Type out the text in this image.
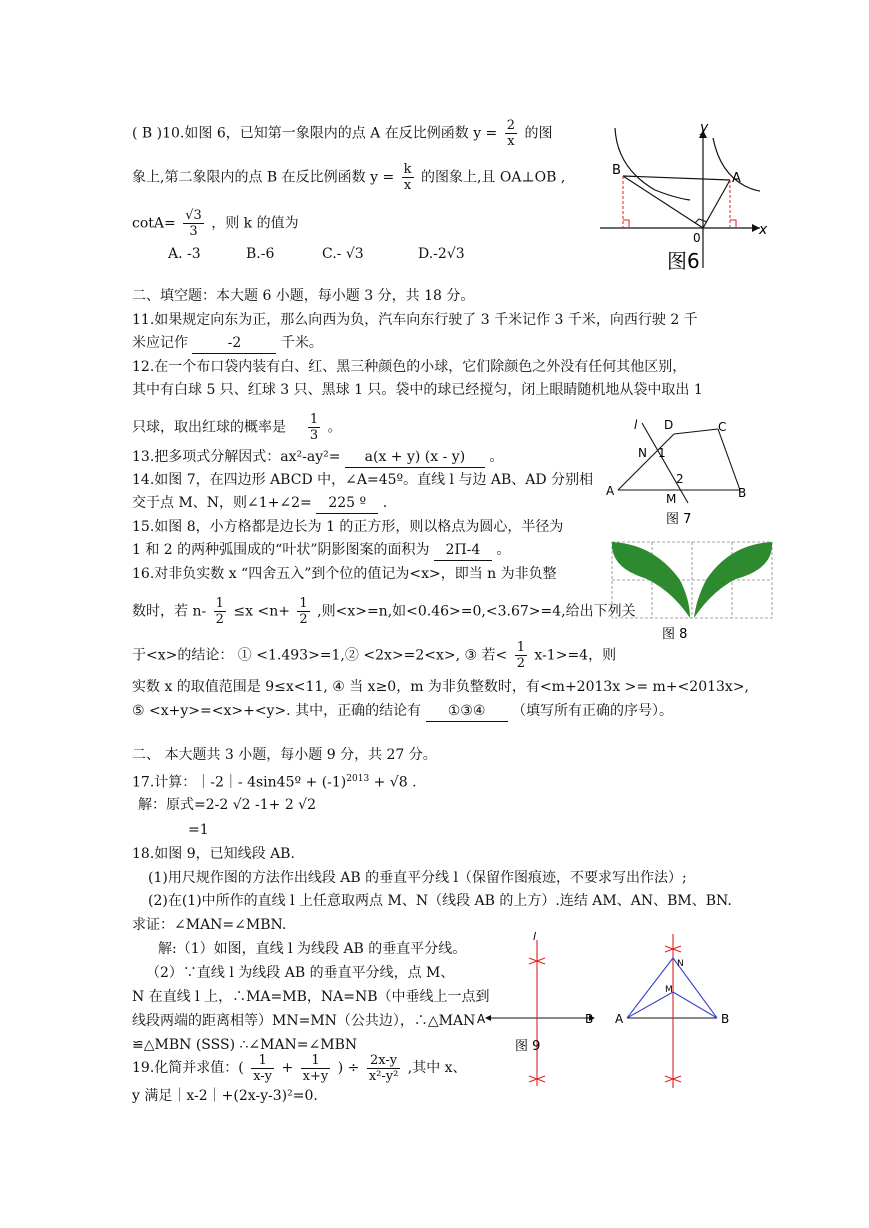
( B )10.如图 6，已知第一象限内的点 A 在反比例函数 $y = \frac{2}{x}$ 的图
象上,第二象限内的点 B 在反比例函数 $y = \frac{k}{x}$ 的图象上,且 OA⊥OB ,
$\cot A= \frac{√3}{3}$ ，则 k 的值为
A. -3	B.-6	C.- √3	D.-2√3
y
x
B
A
0
图6
二、填空题：本大题 6 小题，每小题 3 分，共 18 分。
11.如果规定向东为正，那么向西为负，汽车向东行驶了 3 千米记作 3 千米，向西行驶 2 千
米应记作	-2	千米。
12.在一个布口袋内装有白、红、黑三种颜色的小球，它们除颜色之外没有任何其他区别，
其中有白球 5 只、红球 3 只、黑球 1 只。袋中的球已经搅匀，闭上眼睛随机地从袋中取出 1
只球，取出红球的概率是 $\frac{1}{3}$ 。
13.把多项式分解因式：ax²-ay²= a(x + y) (x - y) 。
14.如图 7，在四边形 ABCD 中，∠A=45º。直线 l 与边 AB、AD 分别相
交于点 M、N，则∠1+∠2= 225 º .
l D	C
N 1
2
A
M	B
图 7
15.如图 8，小方格都是边长为 1 的正方形，则以格点为圆心，半径为
1 和 2 的两种弧围成的“叶状”阴影图案的面积为 2Π-4 。
图 8
16.对非负实数 x “四舍五入”到个位的值记为<x>，即当 n 为非负整
数时，若 $n- \frac{1}{2} \le x <n+ \frac{1}{2}$ ,则<x>=n,如<0.46>=0,<3.67>=4,给出下列关
于<x>的结论： ① <1.493>=1,② <2x>=2<x>, ③ 若< $\frac{1}{2} x-1>=4$，则
实数 x 的取值范围是 9≤x<11, ④ 当 x≥0，m 为非负整数时，有<m+2013x >= m+<2013x>,
⑤ <x+y>=<x>+<y>. 其中，正确的结论有 ①③④ （填写所有正确的序号）。
二、 本大题共 3 小题，每小题 9 分，共 27 分。
17.计算：｜-2｜- 4sin45º + $(-1)^{2013} + √8$ .
解：原式=2-2 √2 -1+ 2 √2
=1
18.如图 9，已知线段 AB.
(1)用尺规作图的方法作出线段 AB 的垂直平分线 l（保留作图痕迹，不要求写出作法）;
(2)在(1)中所作的直线 l 上任意取两点 M、N（线段 AB 的上方）.连结 AM、AN、BM、BN.
求证：∠MAN=∠MBN.
解:（1）如图，直线 l 为线段 AB 的垂直平分线。
（2）∵直线 l 为线段 AB 的垂直平分线，点 M、
N 在直线 l 上，∴MA=MB，NA=NB（中垂线上一点到
线段两端的距离相等）MN=MN（公共边），∴△MAN
≌△MBN (SSS) ∴∠MAN=∠MBN
l
A	B
图 9
A	B
N
M
19.化简并求值：( $\frac{1}{x-y} + \frac{1}{x+y}$ ) ÷ $\frac{2x-y}{\text{x²-y²}}$ ,其中 x、
y 满足｜x-2｜+(2x-y-3)²=0.
